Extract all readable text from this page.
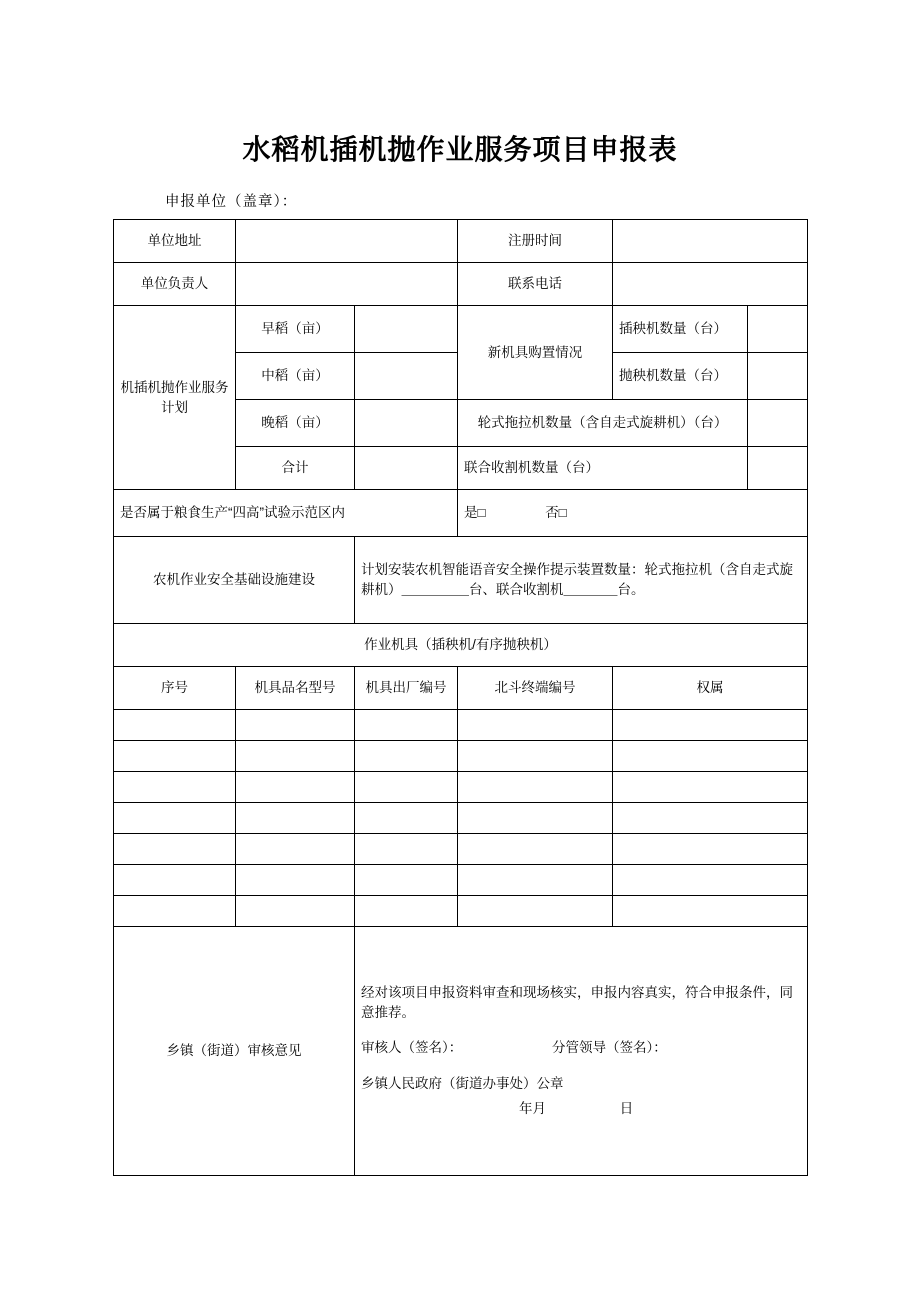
水稻机插机抛作业服务项目申报表
申报单位（盖章）：
单位地址			注册时间		
单位负责人			联系电话		
机插机抛作业服务计划	早稻（亩）		新机具购置情况	插秧机数量（台）	
	中稻（亩）			抛秧机数量（台）	
	晚稻（亩）		轮式拖拉机数量（含自走式旋耕机）（台）		
	合计		联合收割机数量（台）		
是否属于粮食生产“四高”试验示范区内			是□ 否□		
农机作业安全基础设施建设		计划安装农机智能语音安全操作提示装置数量：轮式拖拉机（含自走式旋耕机）＿＿＿＿＿台、联合收割机＿＿＿＿台。			
作业机具（插秧机/有序抛秧机）					
序号	机具品名型号	机具出厂编号	北斗终端编号	权属	

乡镇（街道）审核意见		经对该项目申报资料审查和现场核实，申报内容真实，符合申报条件，同意推荐。
审核人（签名）： 分管领导（签名）：
乡镇人民政府（街道办事处）公章
年月 日			
